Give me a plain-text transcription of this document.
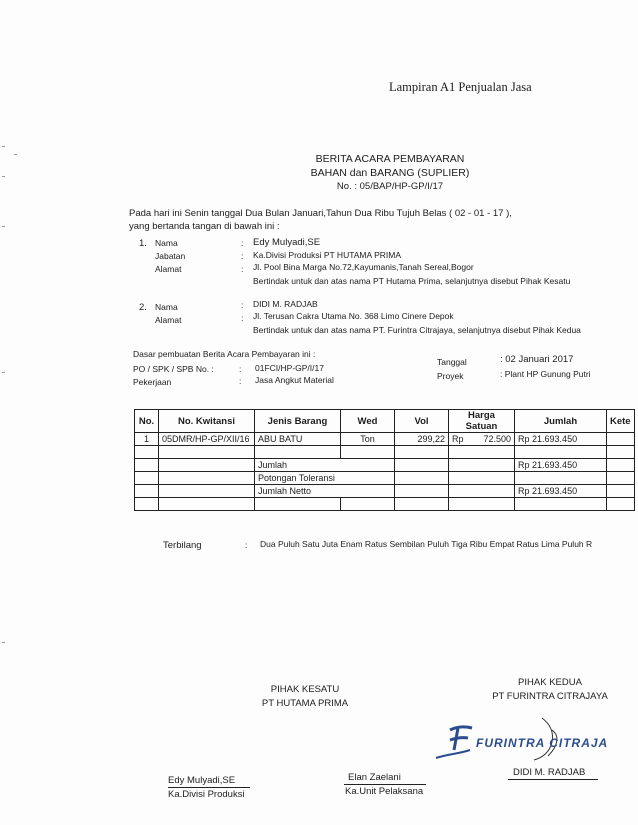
Lampiran A1 Penjualan Jasa
BERITA ACARA PEMBAYARAN
BAHAN dan BARANG (SUPLIER)
No. : 05/BAP/HP-GP/I/17
Pada hari ini Senin tanggal Dua Bulan Januari,Tahun Dua Ribu Tujuh Belas ( 02 - 01 - 17 ),
yang bertanda tangan di bawah ini :
1. Nama	: Edy Mulyadi,SE
Jabatan	: Ka.Divisi Produksi PT HUTAMA PRIMA
Alamat	: Jl. Pool Bina Marga No.72,Kayumanis,Tanah Sereal,Bogor
Bertindak untuk dan atas nama PT Hutama Prima, selanjutnya disebut Pihak Kesatu
2. Nama	: DIDI M. RADJAB
Alamat	: Jl. Terusan Cakra Utama No. 368 Limo Cinere Depok
Bertindak untuk dan atas nama PT. Furintra Citrajaya, selanjutnya disebut Pihak Kedua
Dasar pembuatan Berita Acara Pembayaran ini :
PO / SPK / SPB No. :	: 01FCI/HP-GP/I/17
Pekerjaan	: Jasa Angkut Material
Tanggal	: 02 Januari 2017
Proyek	: Plant HP Gunung Putri
No.	No. Kwitansi	Jenis Barang	Wed	Vol	Harga Satuan	Jumlah	Kete
1	05DMR/HP-GP/XII/16	ABU BATU	Ton	299,22	Rp 72.500	Rp 21.693.450	

		Jumlah				Rp 21.693.450	
		Potongan Toleransi					
		Jumlah Netto				Rp 21.693.450	

Terbilang	: Dua Puluh Satu Juta Enam Ratus Sembilan Puluh Tiga Ribu Empat Ratus Lima Puluh R
PIHAK KESATU
PT HUTAMA PRIMA
PIHAK KEDUA
PT FURINTRA CITRAJAYA
FURINTRA CITRAJA
Edy Mulyadi,SE
Ka.Divisi Produksi
Elan Zaelani
Ka.Unit Pelaksana
DIDI M. RADJAB
